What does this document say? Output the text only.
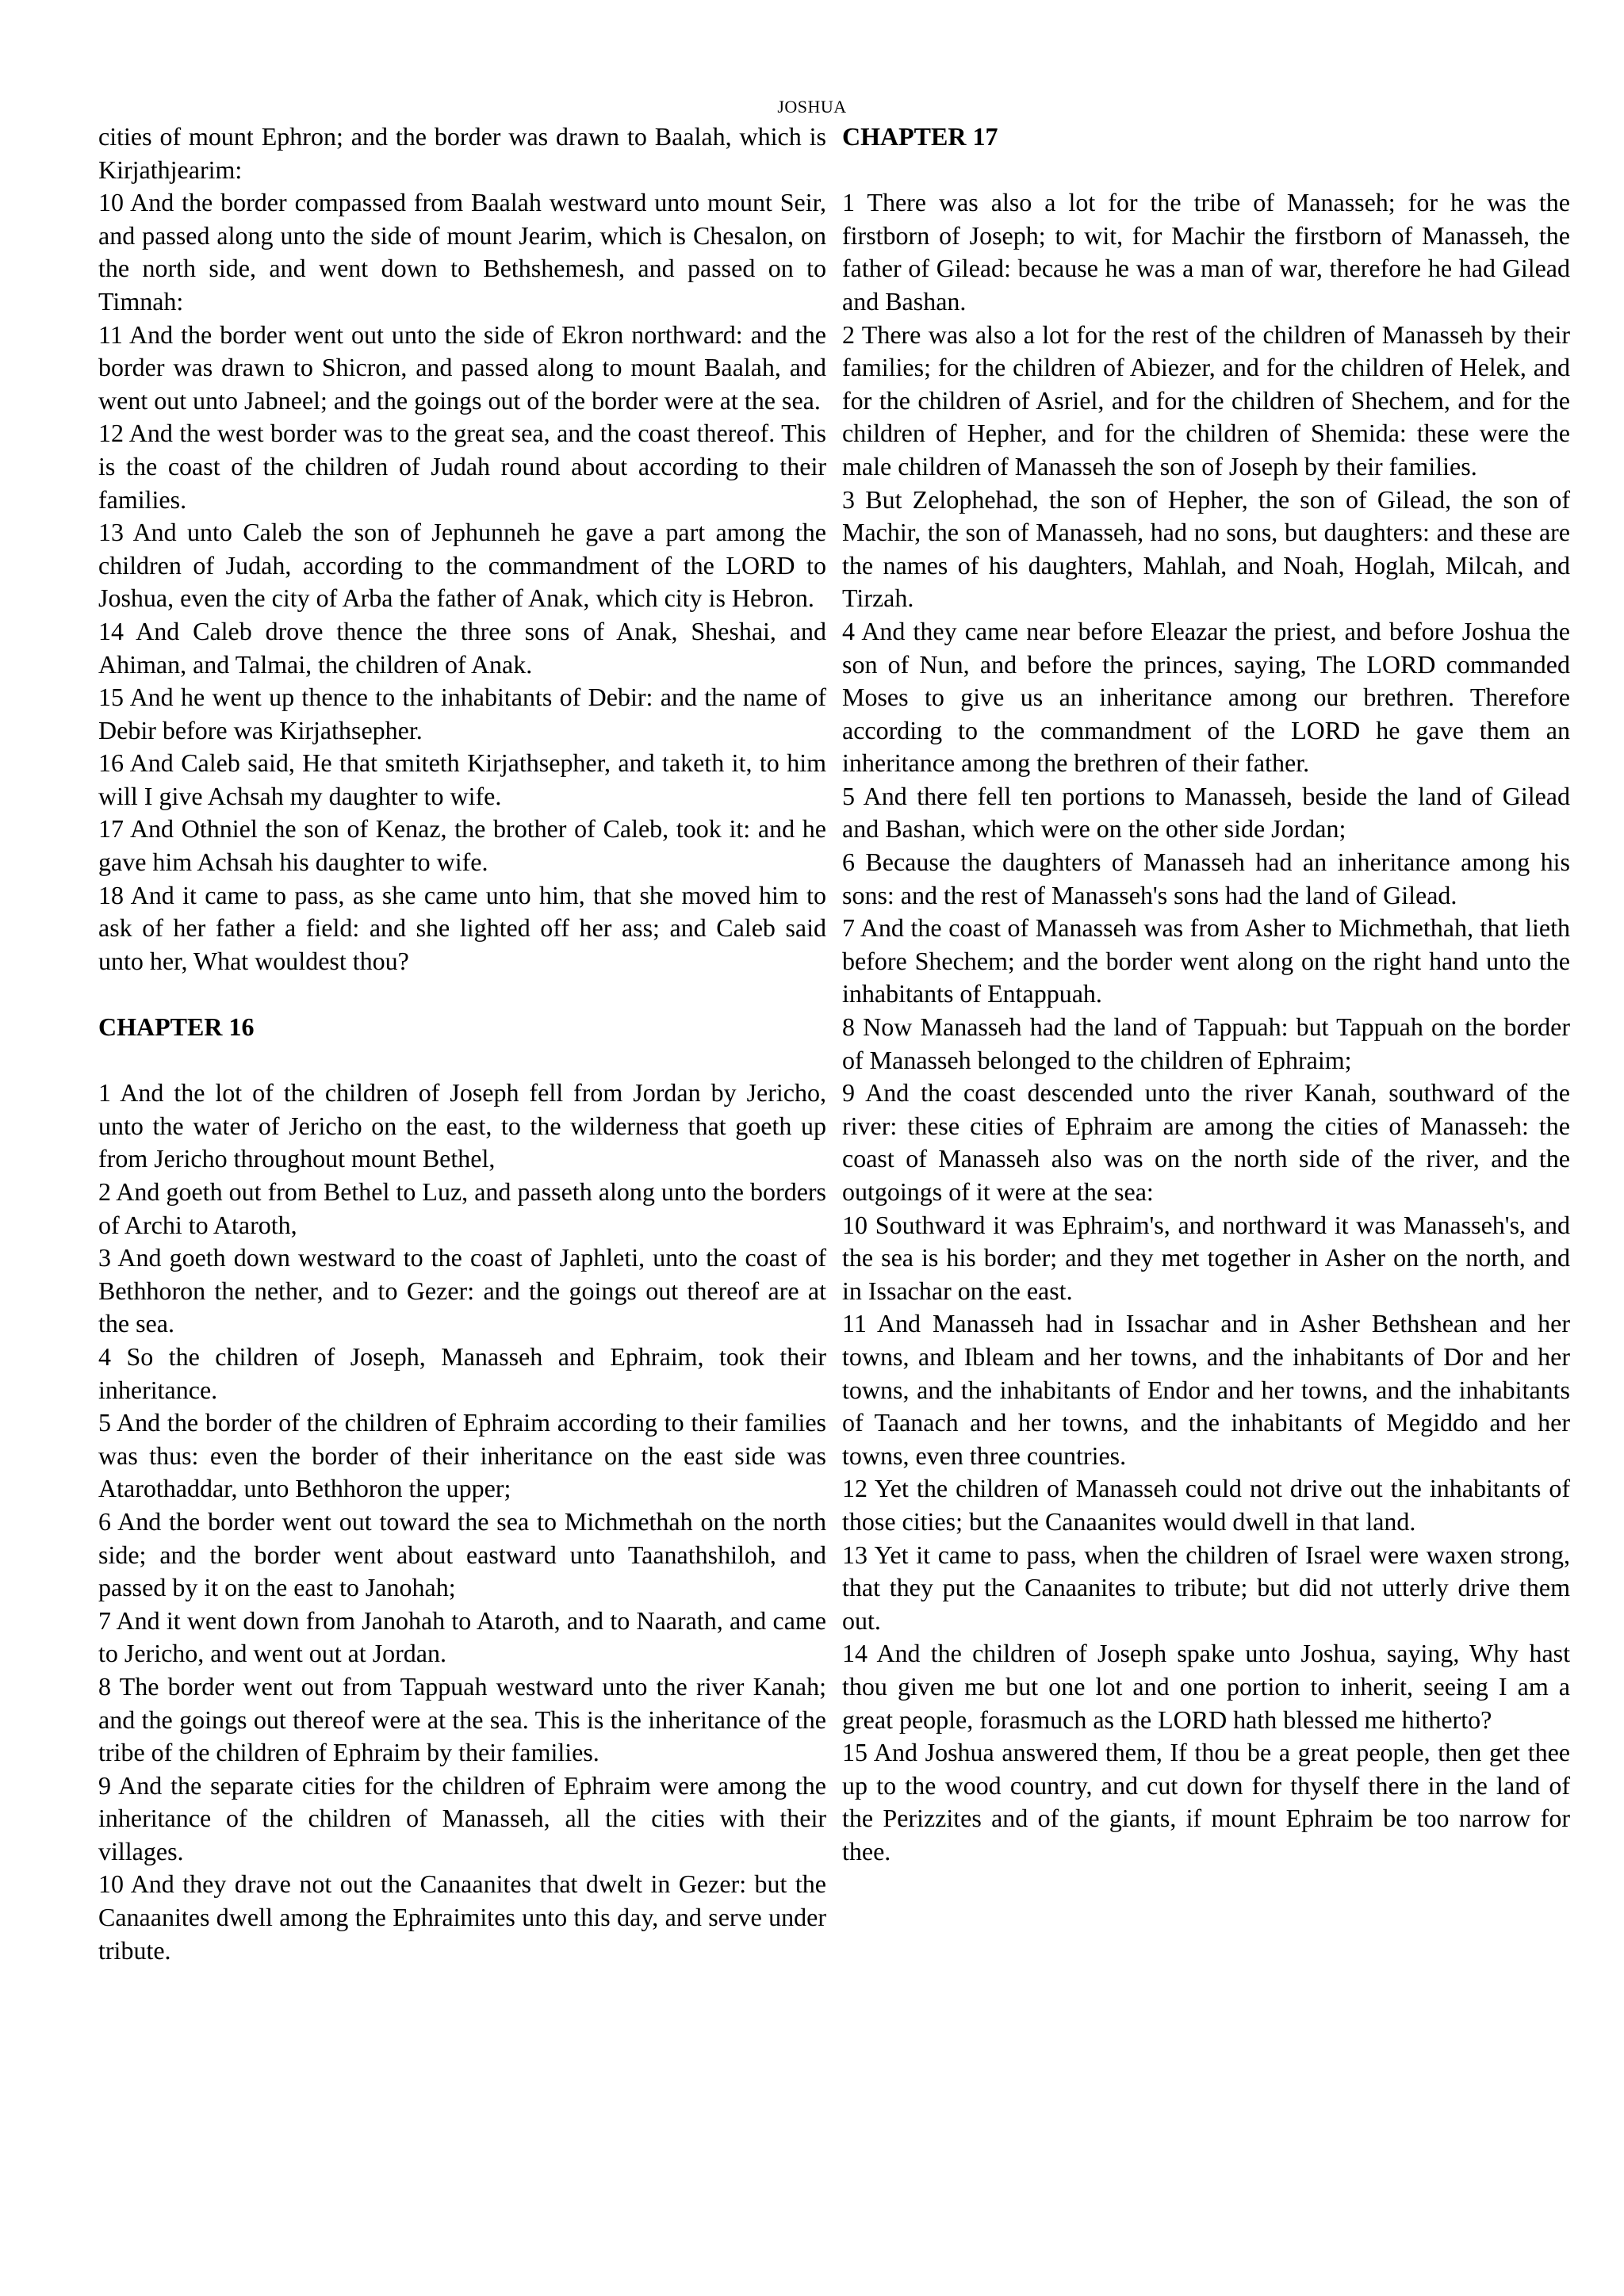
JOSHUA

cities of mount Ephron; and the border was drawn to Baalah, which is Kirjathjearim:

10 And the border compassed from Baalah westward unto mount Seir, and passed along unto the side of mount Jearim, which is Chesalon, on the north side, and went down to Bethshemesh, and passed on to Timnah:

11 And the border went out unto the side of Ekron northward: and the border was drawn to Shicron, and passed along to mount Baalah, and went out unto Jabneel; and the goings out of the border were at the sea.

12 And the west border was to the great sea, and the coast thereof. This is the coast of the children of Judah round about according to their families.

13 And unto Caleb the son of Jephunneh he gave a part among the children of Judah, according to the commandment of the LORD to Joshua, even the city of Arba the father of Anak, which city is Hebron.

14 And Caleb drove thence the three sons of Anak, Sheshai, and Ahiman, and Talmai, the children of Anak.

15 And he went up thence to the inhabitants of Debir: and the name of Debir before was Kirjathsepher.

16 And Caleb said, He that smiteth Kirjathsepher, and taketh it, to him will I give Achsah my daughter to wife.

17 And Othniel the son of Kenaz, the brother of Caleb, took it: and he gave him Achsah his daughter to wife.

18 And it came to pass, as she came unto him, that she moved him to ask of her father a field: and she lighted off her ass; and Caleb said unto her, What wouldest thou?

CHAPTER 16

1 And the lot of the children of Joseph fell from Jordan by Jericho, unto the water of Jericho on the east, to the wilderness that goeth up from Jericho throughout mount Bethel,

2 And goeth out from Bethel to Luz, and passeth along unto the borders of Archi to Ataroth,

3 And goeth down westward to the coast of Japhleti, unto the coast of Bethhoron the nether, and to Gezer: and the goings out thereof are at the sea.

4 So the children of Joseph, Manasseh and Ephraim, took their inheritance.

5 And the border of the children of Ephraim according to their families was thus: even the border of their inheritance on the east side was Atarothaddar, unto Bethhoron the upper;

6 And the border went out toward the sea to Michmethah on the north side; and the border went about eastward unto Taanathshiloh, and passed by it on the east to Janohah;

7 And it went down from Janohah to Ataroth, and to Naarath, and came to Jericho, and went out at Jordan.

8 The border went out from Tappuah westward unto the river Kanah; and the goings out thereof were at the sea. This is the inheritance of the tribe of the children of Ephraim by their families.

9 And the separate cities for the children of Ephraim were among the inheritance of the children of Manasseh, all the cities with their villages.

10 And they drave not out the Canaanites that dwelt in Gezer: but the Canaanites dwell among the Ephraimites unto this day, and serve under tribute.

CHAPTER 17

1 There was also a lot for the tribe of Manasseh; for he was the firstborn of Joseph; to wit, for Machir the firstborn of Manasseh, the father of Gilead: because he was a man of war, therefore he had Gilead and Bashan.

2 There was also a lot for the rest of the children of Manasseh by their families; for the children of Abiezer, and for the children of Helek, and for the children of Asriel, and for the children of Shechem, and for the children of Hepher, and for the children of Shemida: these were the male children of Manasseh the son of Joseph by their families.

3 But Zelophehad, the son of Hepher, the son of Gilead, the son of Machir, the son of Manasseh, had no sons, but daughters: and these are the names of his daughters, Mahlah, and Noah, Hoglah, Milcah, and Tirzah.

4 And they came near before Eleazar the priest, and before Joshua the son of Nun, and before the princes, saying, The LORD commanded Moses to give us an inheritance among our brethren. Therefore according to the commandment of the LORD he gave them an inheritance among the brethren of their father.

5 And there fell ten portions to Manasseh, beside the land of Gilead and Bashan, which were on the other side Jordan;

6 Because the daughters of Manasseh had an inheritance among his sons: and the rest of Manasseh's sons had the land of Gilead.

7 And the coast of Manasseh was from Asher to Michmethah, that lieth before Shechem; and the border went along on the right hand unto the inhabitants of Entappuah.

8 Now Manasseh had the land of Tappuah: but Tappuah on the border of Manasseh belonged to the children of Ephraim;

9 And the coast descended unto the river Kanah, southward of the river: these cities of Ephraim are among the cities of Manasseh: the coast of Manasseh also was on the north side of the river, and the outgoings of it were at the sea:

10 Southward it was Ephraim's, and northward it was Manasseh's, and the sea is his border; and they met together in Asher on the north, and in Issachar on the east.

11 And Manasseh had in Issachar and in Asher Bethshean and her towns, and Ibleam and her towns, and the inhabitants of Dor and her towns, and the inhabitants of Endor and her towns, and the inhabitants of Taanach and her towns, and the inhabitants of Megiddo and her towns, even three countries.

12 Yet the children of Manasseh could not drive out the inhabitants of those cities; but the Canaanites would dwell in that land.

13 Yet it came to pass, when the children of Israel were waxen strong, that they put the Canaanites to tribute; but did not utterly drive them out.

14 And the children of Joseph spake unto Joshua, saying, Why hast thou given me but one lot and one portion to inherit, seeing I am a great people, forasmuch as the LORD hath blessed me hitherto?

15 And Joshua answered them, If thou be a great people, then get thee up to the wood country, and cut down for thyself there in the land of the Perizzites and of the giants, if mount Ephraim be too narrow for thee.
